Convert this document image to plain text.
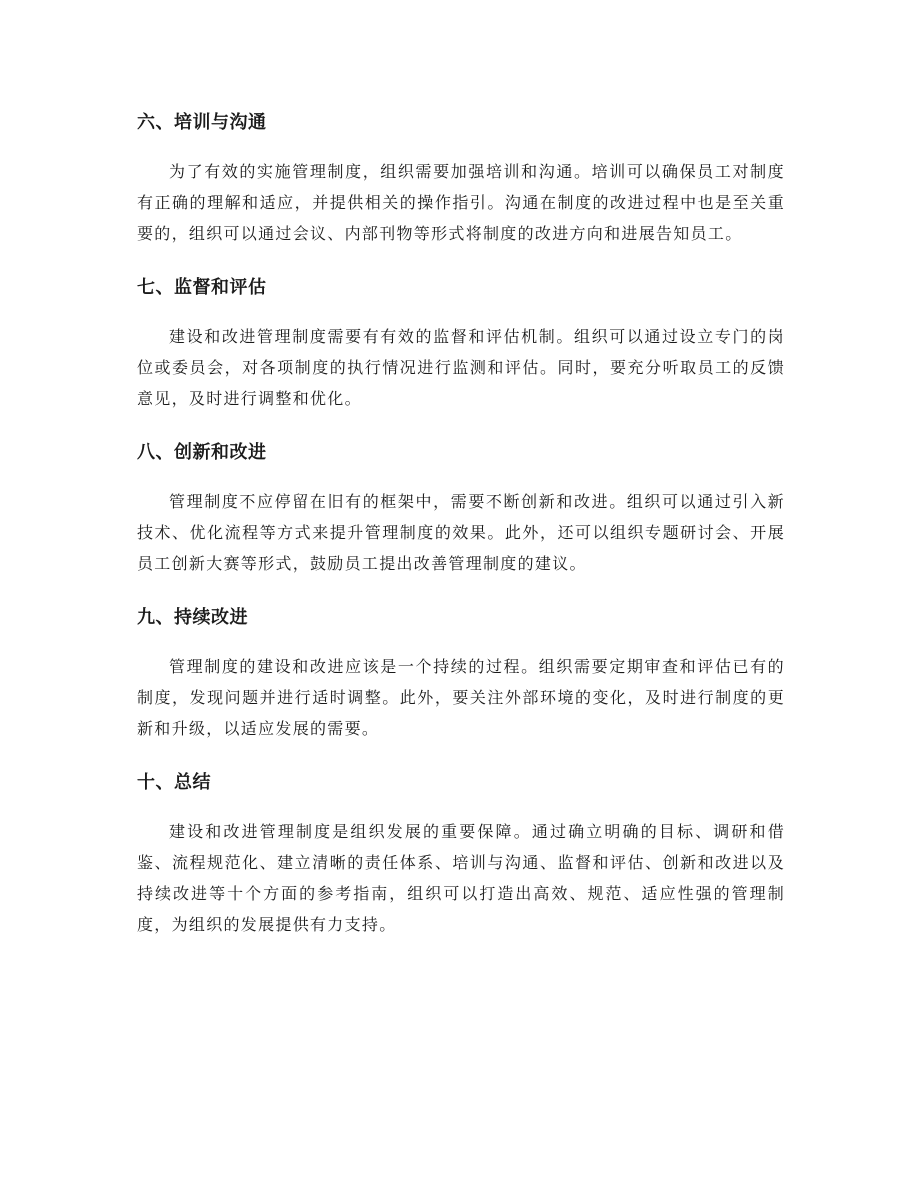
六、培训与沟通

为了有效的实施管理制度，组织需要加强培训和沟通。培训可以确保员工对制度有正确的理解和适应，并提供相关的操作指引。沟通在制度的改进过程中也是至关重要的，组织可以通过会议、内部刊物等形式将制度的改进方向和进展告知员工。

七、监督和评估

建设和改进管理制度需要有有效的监督和评估机制。组织可以通过设立专门的岗位或委员会，对各项制度的执行情况进行监测和评估。同时，要充分听取员工的反馈意见，及时进行调整和优化。

八、创新和改进

管理制度不应停留在旧有的框架中，需要不断创新和改进。组织可以通过引入新技术、优化流程等方式来提升管理制度的效果。此外，还可以组织专题研讨会、开展员工创新大赛等形式，鼓励员工提出改善管理制度的建议。

九、持续改进

管理制度的建设和改进应该是一个持续的过程。组织需要定期审查和评估已有的制度，发现问题并进行适时调整。此外，要关注外部环境的变化，及时进行制度的更新和升级，以适应发展的需要。

十、总结

建设和改进管理制度是组织发展的重要保障。通过确立明确的目标、调研和借鉴、流程规范化、建立清晰的责任体系、培训与沟通、监督和评估、创新和改进以及持续改进等十个方面的参考指南，组织可以打造出高效、规范、适应性强的管理制度，为组织的发展提供有力支持。
